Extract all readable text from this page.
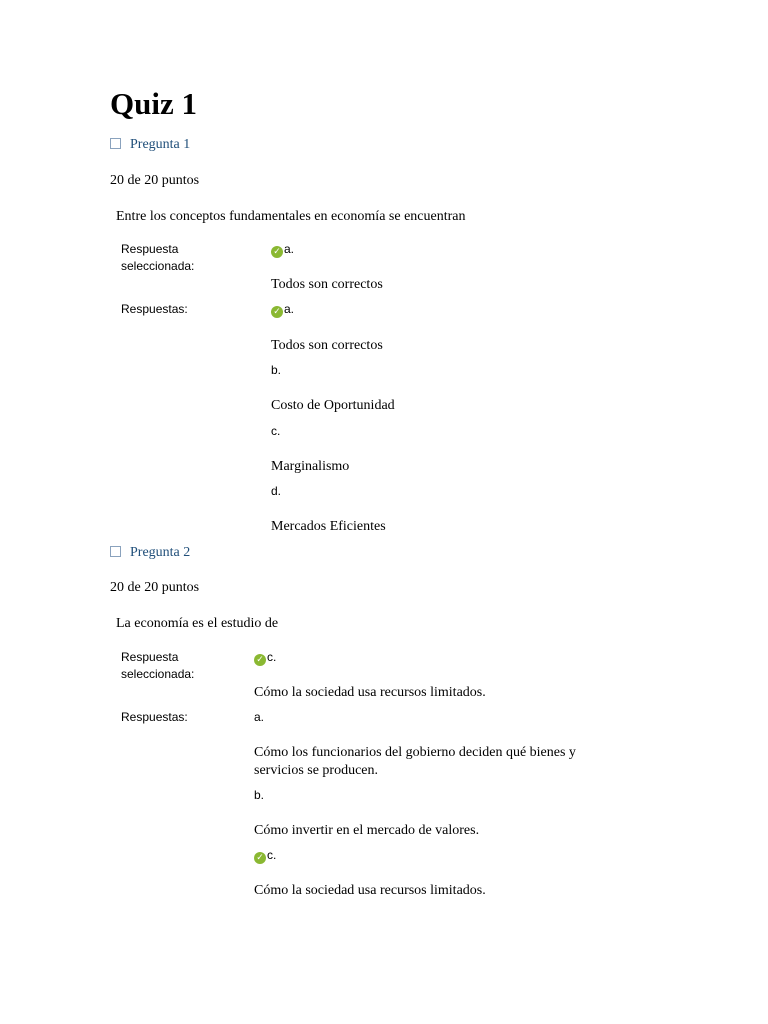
Quiz 1
Pregunta 1
20 de 20 puntos
Entre los conceptos fundamentales en economía se encuentran
Respuesta
seleccionada:
✓ a.
Todos son correctos
Respuestas:	✓ a.
Todos son correctos
b.
Costo de Oportunidad
c.
Marginalismo
d.
Mercados Eficientes
Pregunta 2
20 de 20 puntos
La economía es el estudio de
Respuesta
seleccionada:
✓ c.
Cómo la sociedad usa recursos limitados.
Respuestas:	a.
Cómo los funcionarios del gobierno deciden qué bienes y servicios se producen.
b.
Cómo invertir en el mercado de valores.
✓ c.
Cómo la sociedad usa recursos limitados.
